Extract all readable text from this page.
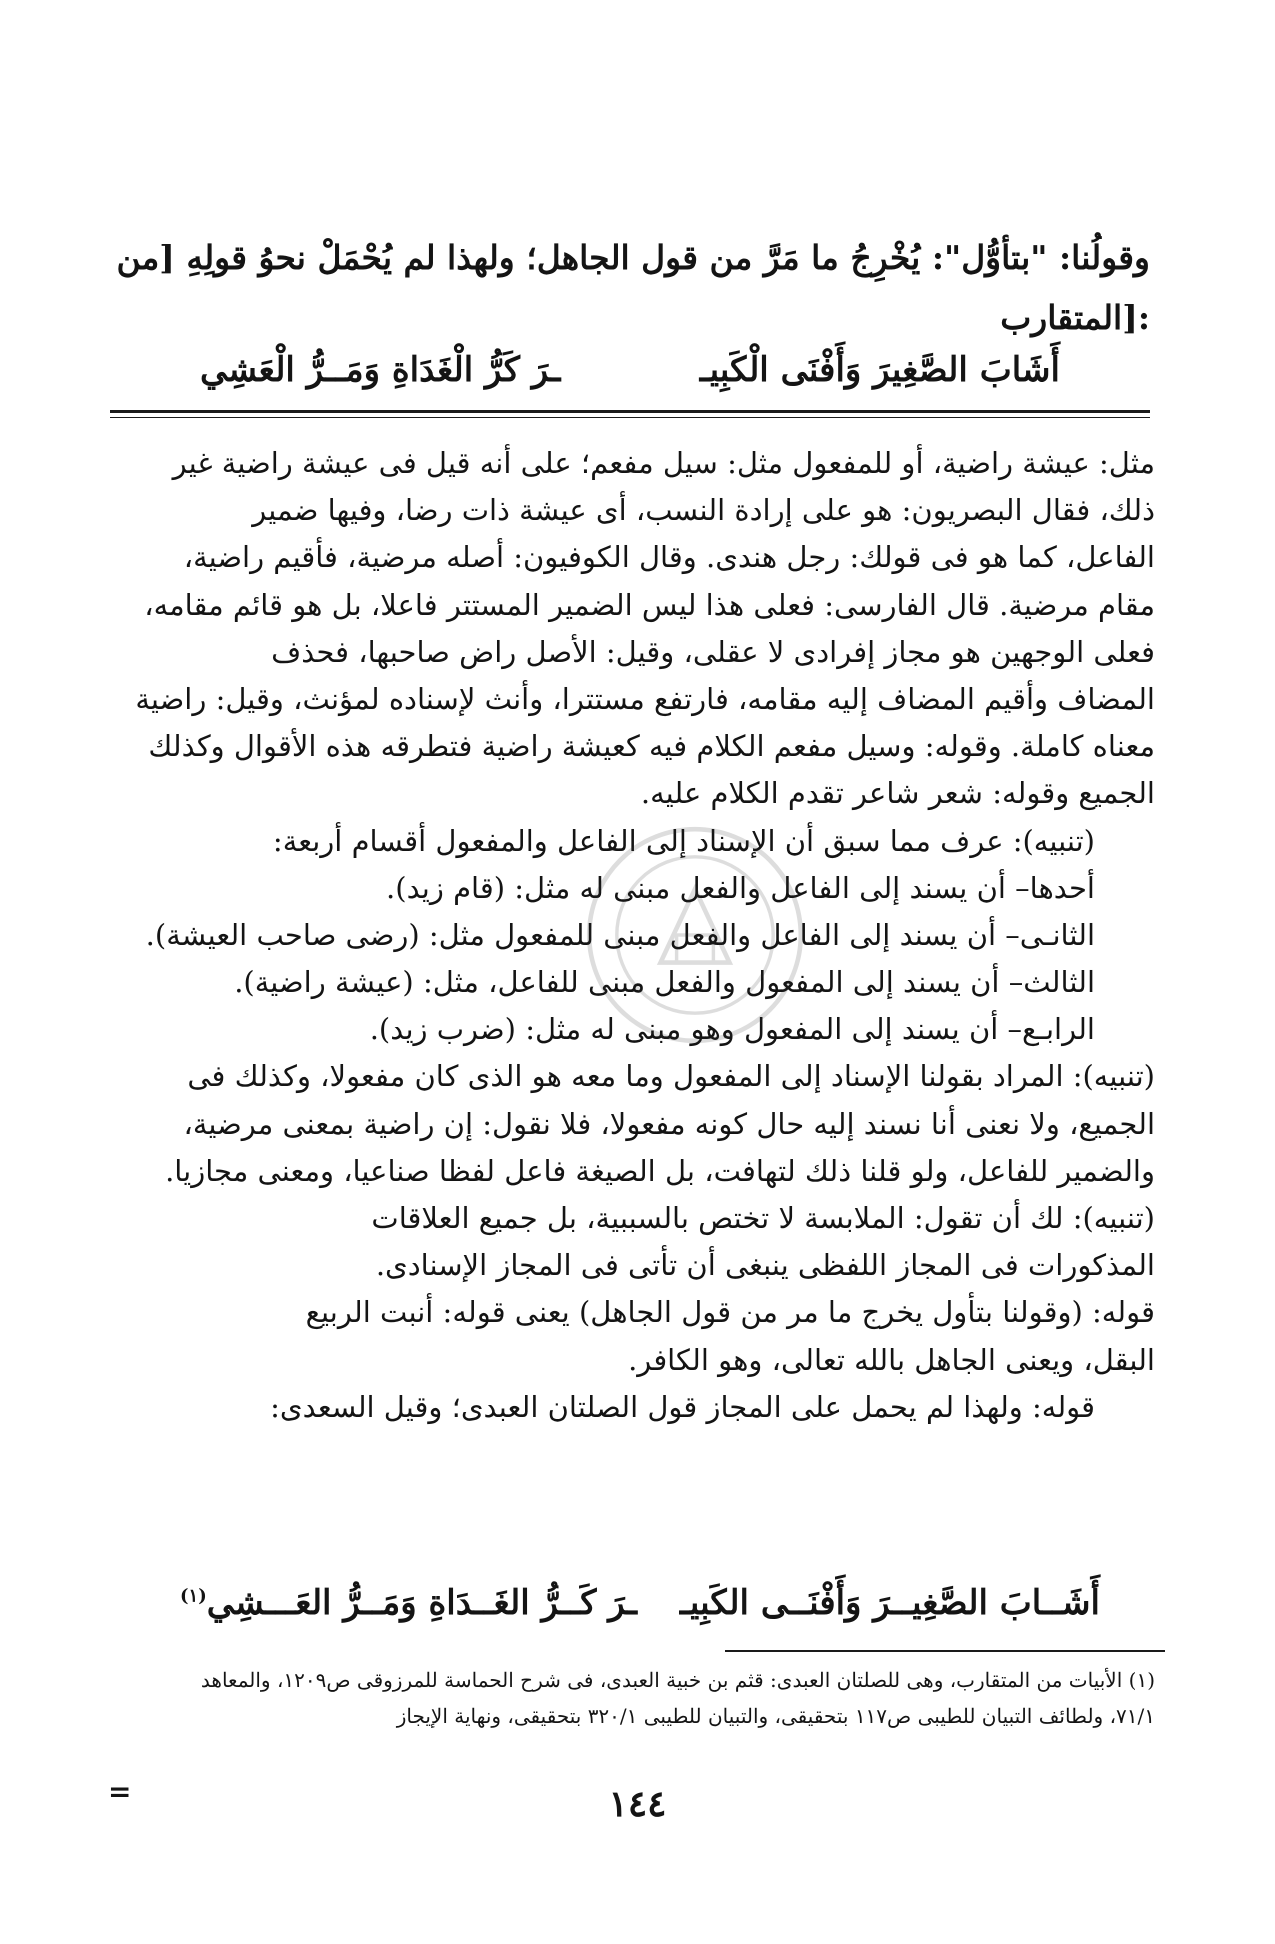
وقولُنا: "بتأوُّل": يُخْرِجُ ما مَرَّ من قول الجاهل؛ ولهذا لم يُحْمَلْ نحوُ قولِهِ [من
المتقارب]:
أَشَابَ الصَّغِيرَ وَأَفْنَى الْكَبِيـ
ـرَ كَرُّ الْغَدَاةِ وَمَــرُّ الْعَشِي
مثل: عيشة راضية، أو للمفعول مثل: سيل مفعم؛ على أنه قيل فى عيشة راضية غير
ذلك، فقال البصريون: هو على إرادة النسب، أى عيشة ذات رضا، وفيها ضمير
الفاعل، كما هو فى قولك: رجل هندى. وقال الكوفيون: أصله مرضية، فأقيم راضية،
مقام مرضية. قال الفارسى: فعلى هذا ليس الضمير المستتر فاعلا، بل هو قائم مقامه،
فعلى الوجهين هو مجاز إفرادى لا عقلى، وقيل: الأصل راض صاحبها، فحذف
المضاف وأقيم المضاف إليه مقامه، فارتفع مستترا، وأنث لإسناده لمؤنث، وقيل: راضية
معناه كاملة. وقوله: وسيل مفعم الكلام فيه كعيشة راضية فتطرقه هذه الأقوال وكذلك
الجميع وقوله: شعر شاعر تقدم الكلام عليه.
(تنبيه): عرف مما سبق أن الإسناد إلى الفاعل والمفعول أقسام أربعة:
أحدها– أن يسند إلى الفاعل والفعل مبنى له مثل: (قام زيد).
الثانـى– أن يسند إلى الفاعل والفعل مبنى للمفعول مثل: (رضى صاحب العيشة).
الثالث– أن يسند إلى المفعول والفعل مبنى للفاعل، مثل: (عيشة راضية).
الرابـع– أن يسند إلى المفعول وهو مبنى له مثل: (ضرب زيد).
(تنبيه): المراد بقولنا الإسناد إلى المفعول وما معه هو الذى كان مفعولا، وكذلك فى
الجميع، ولا نعنى أنا نسند إليه حال كونه مفعولا، فلا نقول: إن راضية بمعنى مرضية،
والضمير للفاعل، ولو قلنا ذلك لتهافت، بل الصيغة فاعل لفظا صناعيا، ومعنى مجازيا.
(تنبيه): لك أن تقول: الملابسة لا تختص بالسببية، بل جميع العلاقات
المذكورات فى المجاز اللفظى ينبغى أن تأتى فى المجاز الإسنادى.
قوله: (وقولنا بتأول يخرج ما مر من قول الجاهل) يعنى قوله: أنبت الربيع
البقل، ويعنى الجاهل بالله تعالى، وهو الكافر.
قوله: ولهذا لم يحمل على المجاز قول الصلتان العبدى؛ وقيل السعدى:
أَشَــابَ الصَّغِيــرَ وَأَفْنَــى الكَبِيـ
ـرَ كَــرُّ الغَــدَاةِ وَمَــرُّ العَـــشِي$^{(١)}$
(١) الأبيات من المتقارب، وهى للصلتان العبدى: قثم بن خبية العبدى، فى شرح الحماسة للمرزوقى ص١٢٠٩، والمعاهد
٧١/١، ولطائف التبيان للطيبى ص١١٧ بتحقيقى، والتبيان للطيبى ٣٢٠/١ بتحقيقى، ونهاية الإيجاز
=	١٤٤
